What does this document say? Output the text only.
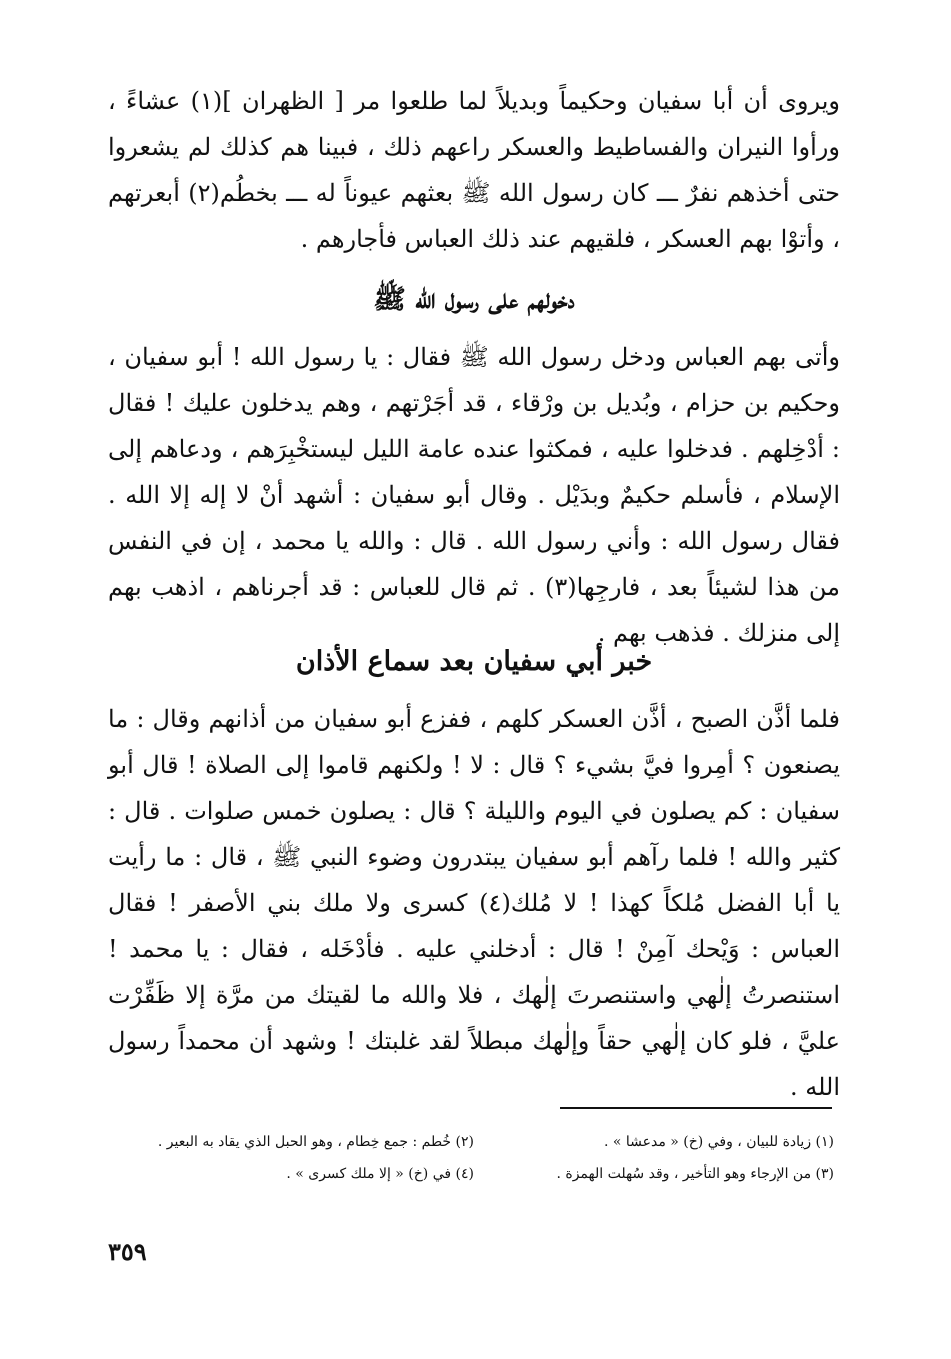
ويروى أن أبا سفيان وحكيماً وبديلاً لما طلعوا مر [ الظهران ](١) عشاءً ، ورأوا النيران والفساطيط والعسكر راعهم ذلك ، فبينا هم كذلك لم يشعروا حتى أخذهم نفرٌ ـــ كان رسول الله ﷺ بعثهم عيوناً له ـــ بخطُم(٢) أبعرتهم ، وأتوْا بهم العسكر ، فلقيهم عند ذلك العباس فأجارهم .

دخولهم على رسول الله ﷺ

وأتى بهم العباس ودخل رسول الله ﷺ فقال : يا رسول الله ! أبو سفيان ، وحكيم بن حزام ، وبُديل بن ورْقاء ، قد أجَرْتهم ، وهم يدخلون عليك ! فقال : أدْخِلهم . فدخلوا عليه ، فمكثوا عنده عامة الليل ليستخْبِرَهم ، ودعاهم إلى الإسلام ، فأسلم حكيمٌ وبدَيْل . وقال أبو سفيان : أشهد أنْ لا إله إلا الله . فقال رسول الله : وأني رسول الله . قال : والله يا محمد ، إن في النفس من هذا لشيئاً بعد ، فارجِها(٣) . ثم قال للعباس : قد أجرناهم ، اذهب بهم إلى منزلك . فذهب بهم .

خبر أبي سفيان بعد سماع الأذان

فلما أذَّن الصبح ، أذَّن العسكر كلهم ، ففزع أبو سفيان من أذانهم وقال : ما يصنعون ؟ أمِروا فيَّ بشيء ؟ قال : لا ! ولكنهم قاموا إلى الصلاة ! قال أبو سفيان : كم يصلون في اليوم والليلة ؟ قال : يصلون خمس صلوات . قال : كثير والله ! فلما رآهم أبو سفيان يبتدرون وضوء النبي ﷺ ، قال : ما رأيت يا أبا الفضل مُلكاً كهذا ! لا مُلك(٤) كسرى ولا ملك بني الأصفر ! فقال العباس : وَيْحك آمِنْ ! قال : أدخلني عليه . فأدْخَله ، فقال : يا محمد ! استنصرتُ إلٰهي واستنصرتَ إلٰهك ، فلا والله ما لقيتك من مرَّة إلا ظَفِّرْت عليَّ ، فلو كان إلٰهي حقاً وإلٰهك مبطلاً لقد غلبتك ! وشهد أن محمداً رسول الله .

(١) زيادة للبيان ، وفي (خ) « مدعشا » .
(٢) خُطم : جمع خِطام ، وهو الحبل الذي يقاد به البعير .
(٣) من الإرجاء وهو التأخير ، وقد سُهلت الهمزة .
(٤) في (خ) « إلا ملك كسرى » .
٣٥٩
